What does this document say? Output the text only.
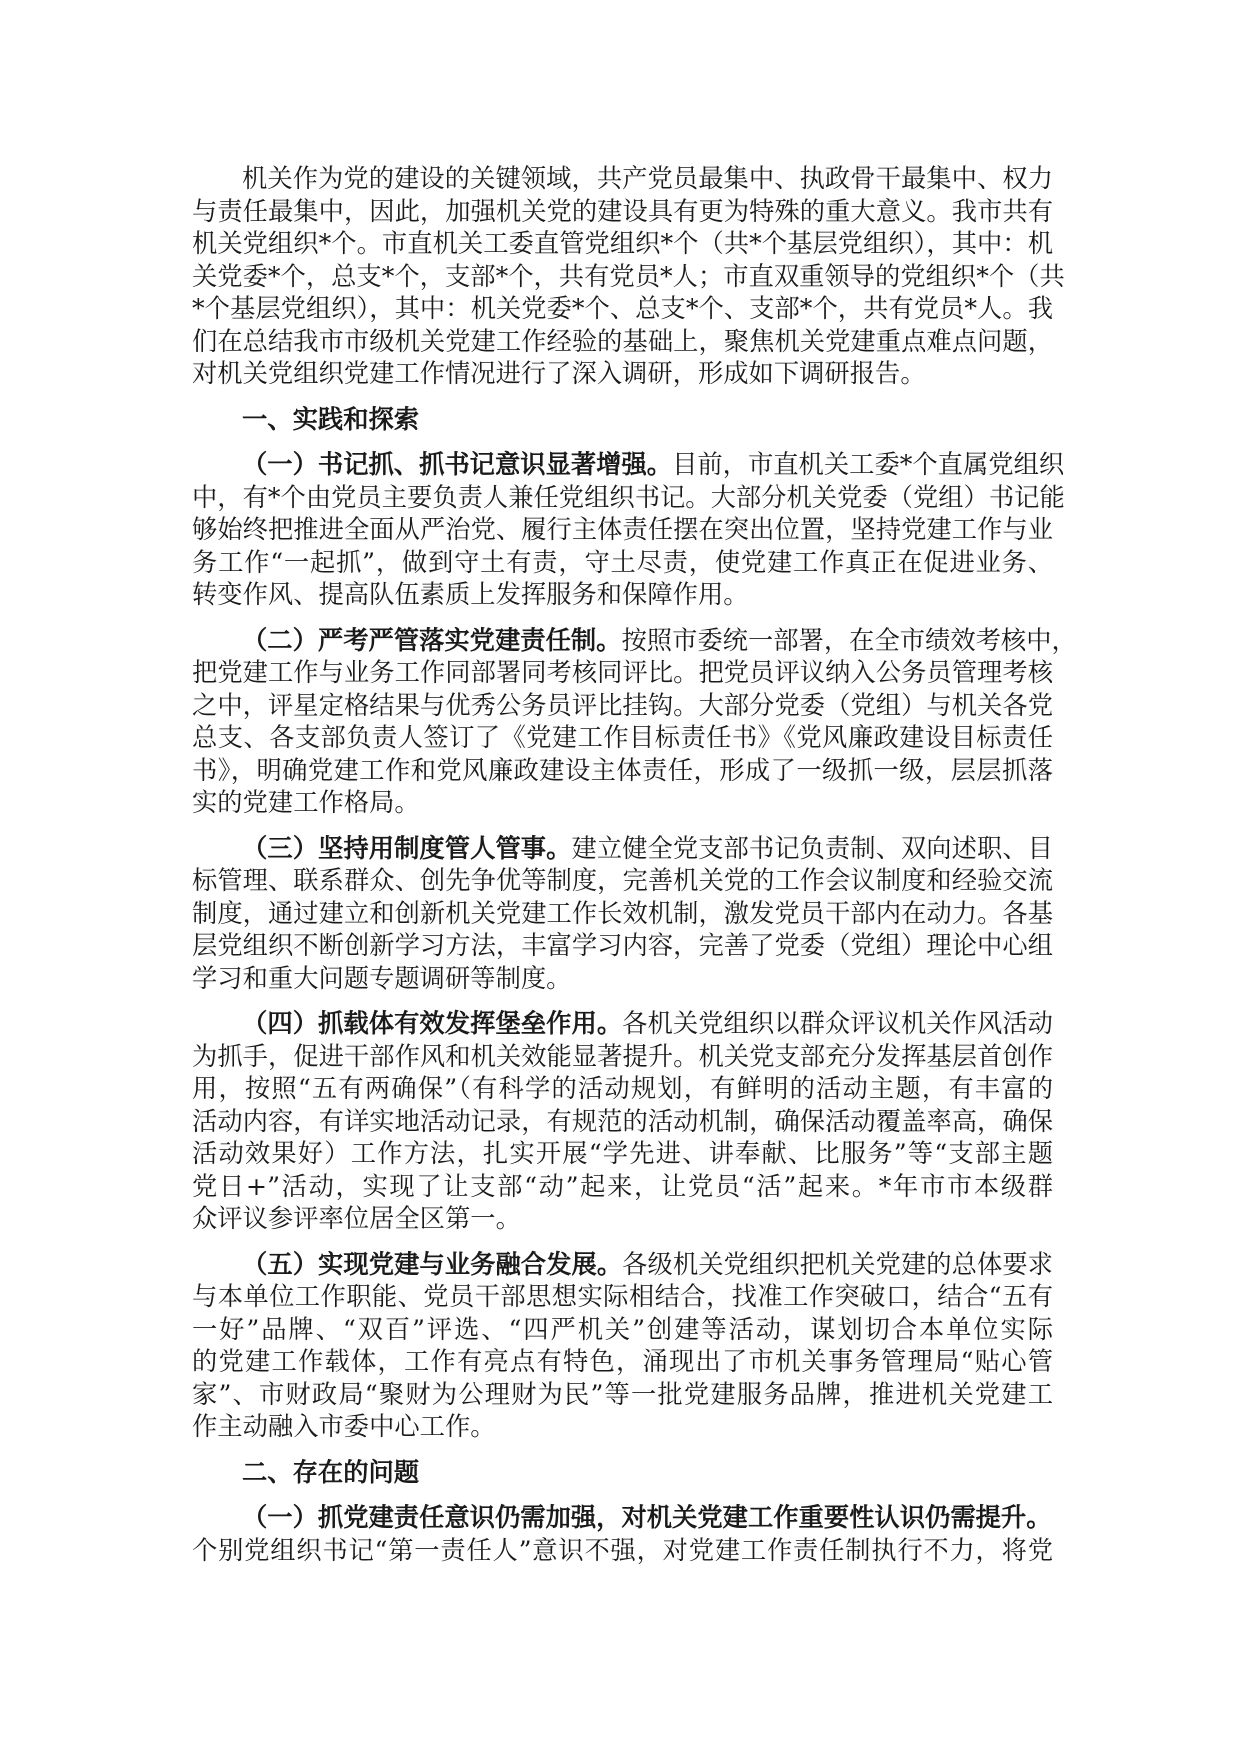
机关作为党的建设的关键领域，共产党员最集中、执政骨干最集中、权力
与责任最集中，因此，加强机关党的建设具有更为特殊的重大意义。我市共有
机关党组织*个。市直机关工委直管党组织*个（共*个基层党组织），其中：机
关党委*个，总支*个，支部*个，共有党员*人；市直双重领导的党组织*个（共
*个基层党组织），其中：机关党委*个、总支*个、支部*个，共有党员*人。我
们在总结我市市级机关党建工作经验的基础上，聚焦机关党建重点难点问题，
对机关党组织党建工作情况进行了深入调研，形成如下调研报告。
一、实践和探索
（一）书记抓、抓书记意识显著增强。目前，市直机关工委*个直属党组织
中，有*个由党员主要负责人兼任党组织书记。大部分机关党委（党组）书记能
够始终把推进全面从严治党、履行主体责任摆在突出位置，坚持党建工作与业
务工作“一起抓”，做到守土有责，守土尽责，使党建工作真正在促进业务、
转变作风、提高队伍素质上发挥服务和保障作用。
（二）严考严管落实党建责任制。按照市委统一部署，在全市绩效考核中，
把党建工作与业务工作同部署同考核同评比。把党员评议纳入公务员管理考核
之中，评星定格结果与优秀公务员评比挂钩。大部分党委（党组）与机关各党
总支、各支部负责人签订了《党建工作目标责任书》《党风廉政建设目标责任
书》，明确党建工作和党风廉政建设主体责任，形成了一级抓一级，层层抓落
实的党建工作格局。
（三）坚持用制度管人管事。建立健全党支部书记负责制、双向述职、目
标管理、联系群众、创先争优等制度，完善机关党的工作会议制度和经验交流
制度，通过建立和创新机关党建工作长效机制，激发党员干部内在动力。各基
层党组织不断创新学习方法，丰富学习内容，完善了党委（党组）理论中心组
学习和重大问题专题调研等制度。
（四）抓载体有效发挥堡垒作用。各机关党组织以群众评议机关作风活动
为抓手，促进干部作风和机关效能显著提升。机关党支部充分发挥基层首创作
用，按照“五有两确保”（有科学的活动规划，有鲜明的活动主题，有丰富的
活动内容，有详实地活动记录，有规范的活动机制，确保活动覆盖率高，确保
活动效果好）工作方法，扎实开展“学先进、讲奉献、比服务”等“支部主题
党日+”活动，实现了让支部“动”起来，让党员“活”起来。*年市市本级群
众评议参评率位居全区第一。
（五）实现党建与业务融合发展。各级机关党组织把机关党建的总体要求
与本单位工作职能、党员干部思想实际相结合，找准工作突破口，结合“五有
一好”品牌、“双百”评选、“四严机关”创建等活动，谋划切合本单位实际
的党建工作载体，工作有亮点有特色，涌现出了市机关事务管理局“贴心管
家”、市财政局“聚财为公理财为民”等一批党建服务品牌，推进机关党建工
作主动融入市委中心工作。
二、存在的问题
（一）抓党建责任意识仍需加强，对机关党建工作重要性认识仍需提升。
个别党组织书记“第一责任人”意识不强，对党建工作责任制执行不力，将党
